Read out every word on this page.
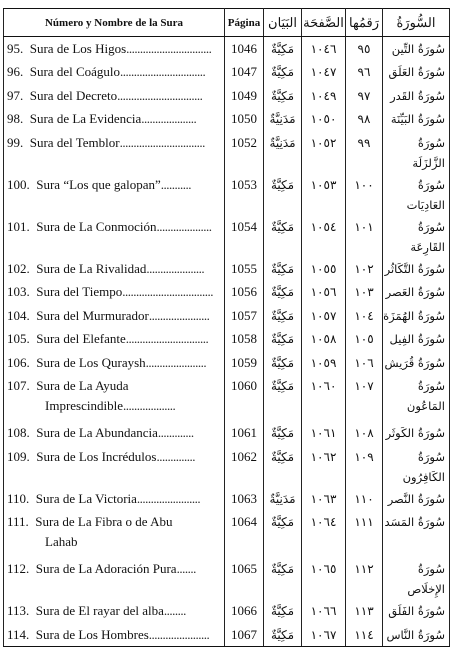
Número y Nombre de la Sura	Página	البَيَان	الصَّفحَة	رَقمُها	السُّورَةُ
95. Sura de Los Higos...............................	1046	مَكِيَّةٌ	١٠٤٦	٩٥	سُورَةُ التِّين
96. Sura del Coágulo...............................	1047	مَكِيَّةٌ	١٠٤٧	٩٦	سُورَةُ العَلَق
97. Sura del Decreto...............................	1049	مَكِيَّةٌ	١٠٤٩	٩٧	سُورَةُ القَدر
98. Sura de La Evidencia....................	1050	مَدَنِيَّةٌ	١٠٥٠	٩٨	سُورَةُ البَيِّنَة
99. Sura del Temblor...............................	1052	مَدَنِيَّةٌ	١٠٥٢	٩٩	سُورَةُ الزَّلزَلَة
100. Sura “Los que galopan”...........	1053	مَكِيَّةٌ	١٠٥٣	١٠٠	سُورَةُ العَادِيَات
101. Sura de La Conmoción....................	1054	مَكِيَّةٌ	١٠٥٤	١٠١	سُورَةُ القَارِعَة
102. Sura de La Rivalidad.....................	1055	مَكِيَّةٌ	١٠٥٥	١٠٢	سُورَةُ التَّكَاثُر
103. Sura del Tiempo.................................	1056	مَكِيَّةٌ	١٠٥٦	١٠٣	سُورَةُ العَصر
104. Sura del Murmurador......................	1057	مَكِيَّةٌ	١٠٥٧	١٠٤	سُورَةُ الهُمَزَة
105. Sura del Elefante..............................	1058	مَكِيَّةٌ	١٠٥٨	١٠٥	سُورَةُ الفِيل
106. Sura de Los Quraysh......................	1059	مَكِيَّةٌ	١٠٥٩	١٠٦	سُورَةُ قُرَيش
107. Sura de La Ayuda
Imprescindible...................	1060	مَكِيَّةٌ	١٠٦٠	١٠٧	سُورَةُ المَاعُون
108. Sura de La Abundancia.............	1061	مَكِيَّةٌ	١٠٦١	١٠٨	سُورَةُ الكَوثَر
109. Sura de Los Incrédulos..............	1062	مَكِيَّةٌ	١٠٦٢	١٠٩	سُورَةُ الكَافِرُون
110. Sura de La Victoria.......................	1063	مَدَنِيَّةٌ	١٠٦٣	١١٠	سُورَةُ النَّصر
111. Sura de La Fibra o de Abu
Lahab	1064	مَكِيَّةٌ	١٠٦٤	١١١	سُورَةُ المَسَد
112. Sura de La Adoración Pura.......	1065	مَكِيَّةٌ	١٠٦٥	١١٢	سُورَةُ الإِخلَاص
113. Sura de El rayar del alba........	1066	مَكِيَّةٌ	١٠٦٦	١١٣	سُورَةُ الفَلَق
114. Sura de Los Hombres......................	1067	مَكِيَّةٌ	١٠٦٧	١١٤	سُورَةُ النَّاس
